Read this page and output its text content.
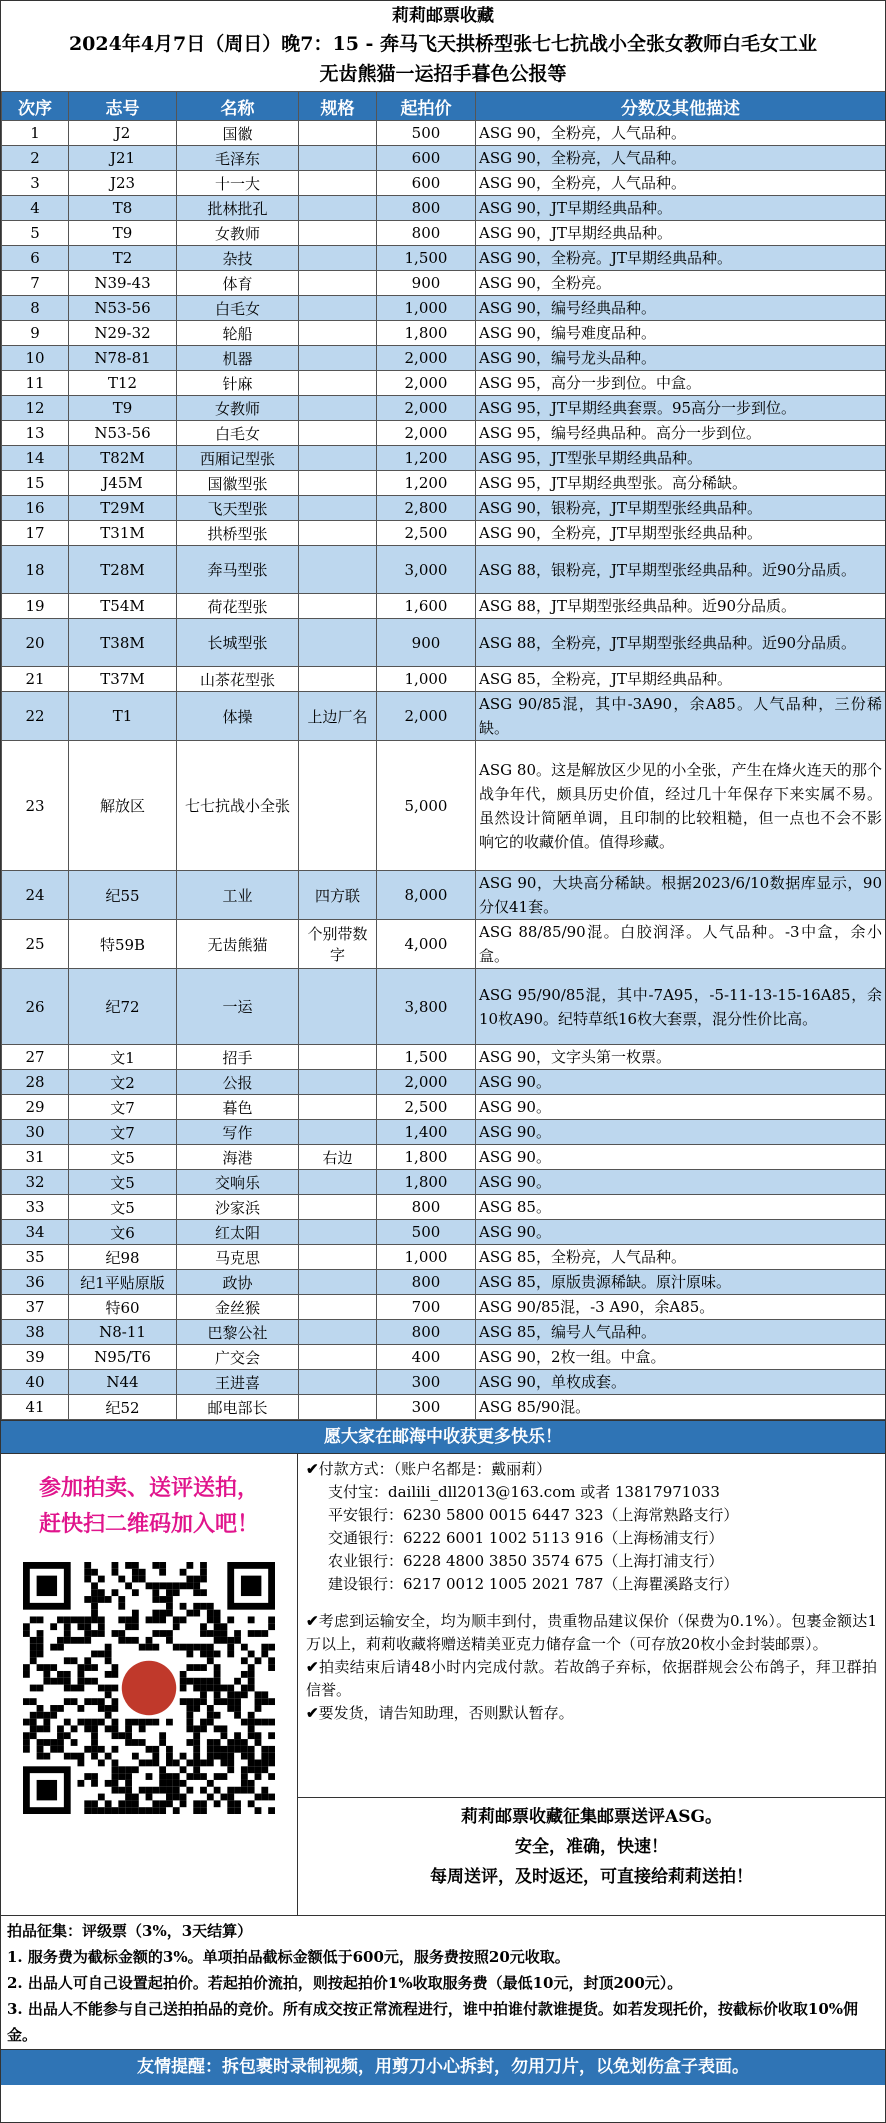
莉莉邮票收藏
2024年4月7日（周日）晚7：15 - 奔马飞天拱桥型张七七抗战小全张女教师白毛女工业
无齿熊猫一运招手暮色公报等
次序	志号	名称	规格	起拍价	分数及其他描述
1	J2	国徽		500	ASG 90，全粉亮，人气品种。
2	J21	毛泽东		600	ASG 90，全粉亮，人气品种。
3	J23	十一大		600	ASG 90，全粉亮，人气品种。
4	T8	批林批孔		800	ASG 90，JT早期经典品种。
5	T9	女教师		800	ASG 90，JT早期经典品种。
6	T2	杂技		1,500	ASG 90，全粉亮。JT早期经典品种。
7	N39-43	体育		900	ASG 90，全粉亮。
8	N53-56	白毛女		1,000	ASG 90，编号经典品种。
9	N29-32	轮船		1,800	ASG 90，编号难度品种。
10	N78-81	机器		2,000	ASG 90，编号龙头品种。
11	T12	针麻		2,000	ASG 95，高分一步到位。中盒。
12	T9	女教师		2,000	ASG 95，JT早期经典套票。95高分一步到位。
13	N53-56	白毛女		2,000	ASG 95，编号经典品种。高分一步到位。
14	T82M	西厢记型张		1,200	ASG 95，JT型张早期经典品种。
15	J45M	国徽型张		1,200	ASG 95，JT早期经典型张。高分稀缺。
16	T29M	飞天型张		2,800	ASG 90，银粉亮，JT早期型张经典品种。
17	T31M	拱桥型张		2,500	ASG 90，全粉亮，JT早期型张经典品种。
18	T28M	奔马型张		3,000	ASG 88，银粉亮，JT早期型张经典品种。近90分品质。
19	T54M	荷花型张		1,600	ASG 88，JT早期型张经典品种。近90分品质。
20	T38M	长城型张		900	ASG 88，全粉亮，JT早期型张经典品种。近90分品质。
21	T37M	山茶花型张		1,000	ASG 85，全粉亮，JT早期经典品种。
22	T1	体操	上边厂名	2,000	ASG 90/85混，其中-3A90，余A85。人气品种，三份稀缺。
23	解放区	七七抗战小全张		5,000	ASG 80。这是解放区少见的小全张，产生在烽火连天的那个战争年代，颇具历史价值，经过几十年保存下来实属不易。虽然设计简陋单调，且印制的比较粗糙，但一点也不会不影响它的收藏价值。值得珍藏。
24	纪55	工业	四方联	8,000	ASG 90，大块高分稀缺。根据2023/6/10数据库显示，90分仅41套。
25	特59B	无齿熊猫	个别带数字	4,000	ASG 88/85/90混。白胶润泽。人气品种。-3中盒，余小盒。
26	纪72	一运		3,800	ASG 95/90/85混，其中-7A95，-5-11-13-15-16A85，余10枚A90。纪特草纸16枚大套票，混分性价比高。
27	文1	招手		1,500	ASG 90，文字头第一枚票。
28	文2	公报		2,000	ASG 90。
29	文7	暮色		2,500	ASG 90。
30	文7	写作		1,400	ASG 90。
31	文5	海港	右边	1,800	ASG 90。
32	文5	交响乐		1,800	ASG 90。
33	文5	沙家浜		800	ASG 85。
34	文6	红太阳		500	ASG 90。
35	纪98	马克思		1,000	ASG 85，全粉亮，人气品种。
36	纪1平贴原版	政协		800	ASG 85，原版贵源稀缺。原汁原味。
37	特60	金丝猴		700	ASG 90/85混，-3 A90，余A85。
38	N8-11	巴黎公社		800	ASG 85，编号人气品种。
39	N95/T6	广交会		400	ASG 90，2枚一组。中盒。
40	N44	王进喜		300	ASG 90，单枚成套。
41	纪52	邮电部长		300	ASG 85/90混。
愿大家在邮海中收获更多快乐！
参加拍卖、送评送拍，
赶快扫二维码加入吧！
✔付款方式：（账户名都是：戴丽莉）
支付宝：dailili_dll2013@163.com 或者 13817971033
平安银行：6230 5800 0015 6447 323（上海常熟路支行）
交通银行：6222 6001 1002 5113 916（上海杨浦支行）
农业银行：6228 4800 3850 3574 675（上海打浦支行）
建设银行：6217 0012 1005 2021 787（上海瞿溪路支行）

✔考虑到运输安全，均为顺丰到付，贵重物品建议保价（保费为0.1%）。包裹金额达1万以上，莉莉收藏将赠送精美亚克力储存盒一个（可存放20枚小金封装邮票）。

✔拍卖结束后请48小时内完成付款。若故鸽子弃标，依据群规会公布鸽子，拜卫群拍信誉。

✔要发货，请告知助理，否则默认暂存。

莉莉邮票收藏征集邮票送评ASG。
安全，准确，快速！
每周送评，及时返还，可直接给莉莉送拍！
拍品征集：评级票（3%，3天结算）
1. 服务费为截标金额的3%。单项拍品截标金额低于600元，服务费按照20元收取。
2. 出品人可自己设置起拍价。若起拍价流拍，则按起拍价1%收取服务费（最低10元，封顶200元）。
3. 出品人不能参与自己送拍拍品的竞价。所有成交按正常流程进行，谁中拍谁付款谁提货。如若发现托价，按截标价收取10%佣金。
友情提醒：拆包裹时录制视频，用剪刀小心拆封，勿用刀片，以免划伤盒子表面。
